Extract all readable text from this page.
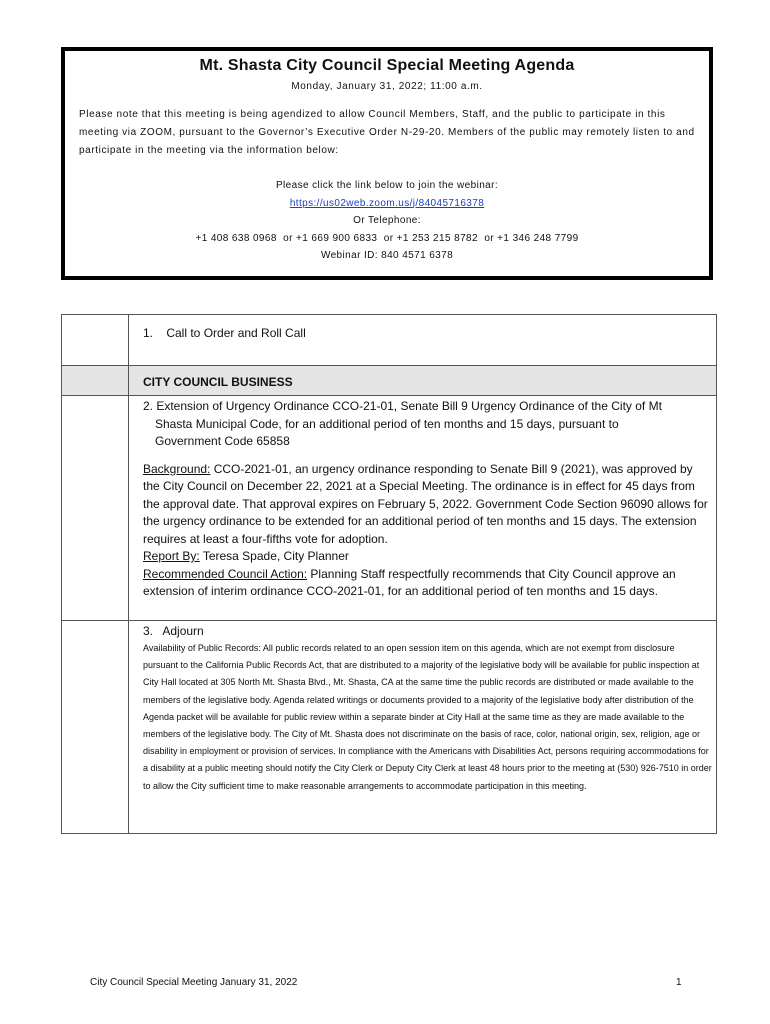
Mt. Shasta City Council Special Meeting Agenda
Monday, January 31, 2022; 11:00 a.m.
Please note that this meeting is being agendized to allow Council Members, Staff, and the public to participate in this meeting via ZOOM, pursuant to the Governor’s Executive Order N-29-20. Members of the public may remotely listen to and participate in the meeting via the information below:
Please click the link below to join the webinar:
https://us02web.zoom.us/j/84045716378
Or Telephone:
+1 408 638 0968  or +1 669 900 6833  or +1 253 215 8782  or +1 346 248 7799
Webinar ID: 840 4571 6378
1.    Call to Order and Roll Call
CITY COUNCIL BUSINESS
2. Extension of Urgency Ordinance CCO-21-01, Senate Bill 9 Urgency Ordinance of the City of Mt
Shasta Municipal Code, for an additional period of ten months and 15 days, pursuant to
Government Code 65858
Background: CCO-2021-01, an urgency ordinance responding to Senate Bill 9 (2021), was approved by the City Council on December 22, 2021 at a Special Meeting. The ordinance is in effect for 45 days from the approval date. That approval expires on February 5, 2022. Government Code Section 96090 allows for the urgency ordinance to be extended for an additional period of ten months and 15 days. The extension requires at least a four-fifths vote for adoption.
Report By: Teresa Spade, City Planner
Recommended Council Action: Planning Staff respectfully recommends that City Council approve an extension of interim ordinance CCO-2021-01, for an additional period of ten months and 15 days.
3.   Adjourn
Availability of Public Records: All public records related to an open session item on this agenda, which are not exempt from disclosure pursuant to the California Public Records Act, that are distributed to a majority of the legislative body will be available for public inspection at City Hall located at 305 North Mt. Shasta Blvd., Mt. Shasta, CA at the same time the public records are distributed or made available to the members of the legislative body. Agenda related writings or documents provided to a majority of the legislative body after distribution of the Agenda packet will be available for public review within a separate binder at City Hall at the same time as they are made available to the members of the legislative body. The City of Mt. Shasta does not discriminate on the basis of race, color, national origin, sex, religion, age or disability in employment or provision of services. In compliance with the Americans with Disabilities Act, persons requiring accommodations for a disability at a public meeting should notify the City Clerk or Deputy City Clerk at least 48 hours prior to the meeting at (530) 926-7510 in order to allow the City sufficient time to make reasonable arrangements to accommodate participation in this meeting.
City Council Special Meeting January 31, 2022	1
